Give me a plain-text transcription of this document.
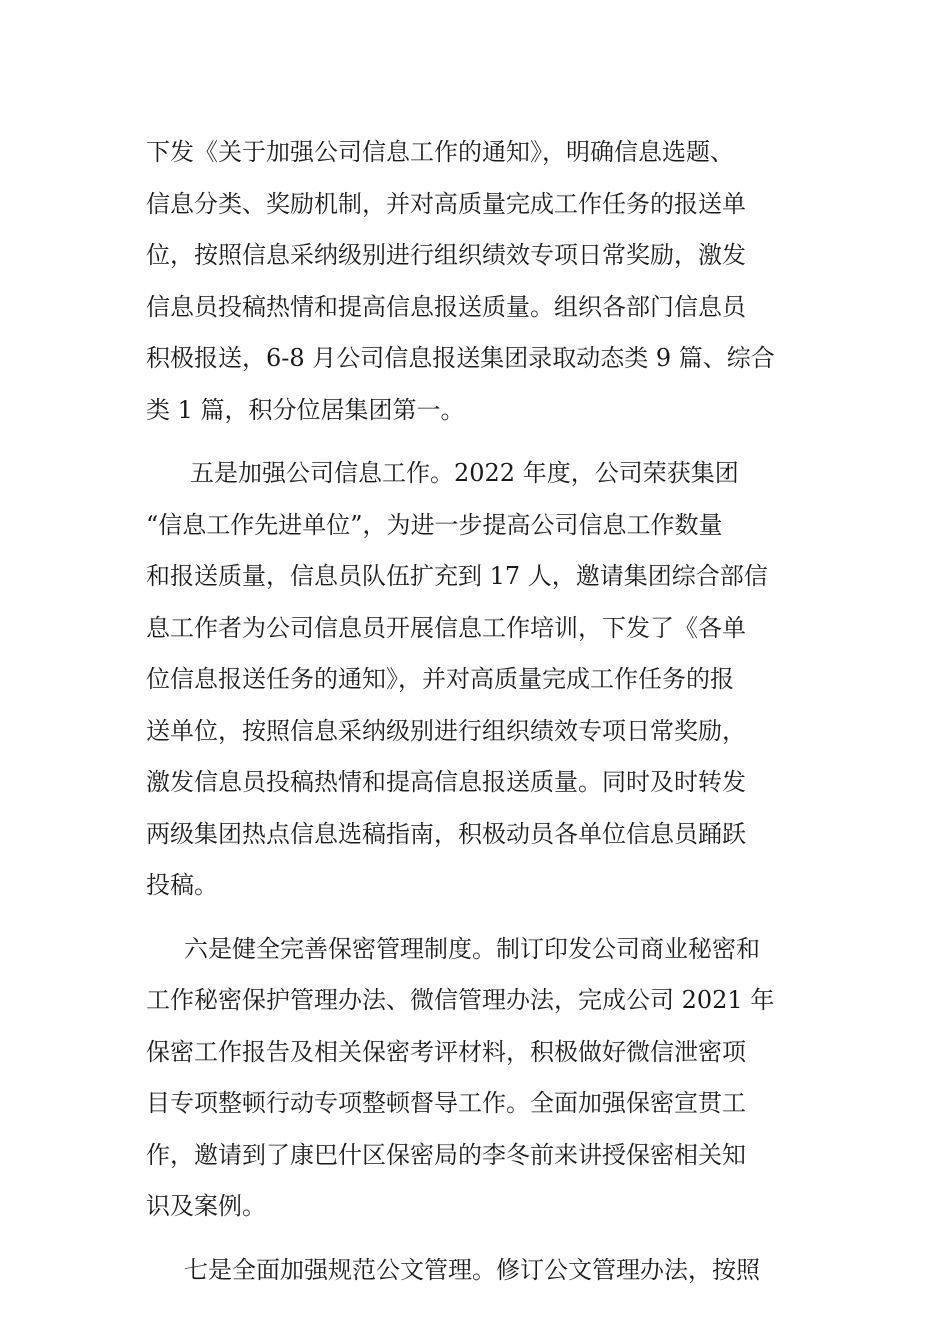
下发《关于加强公司信息工作的通知》，明确信息选题、
信息分类、奖励机制，并对高质量完成工作任务的报送单
位，按照信息采纳级别进行组织绩效专项日常奖励，激发
信息员投稿热情和提高信息报送质量。组织各部门信息员
积极报送，6-8 月公司信息报送集团录取动态类 9 篇、综合
类 1 篇，积分位居集团第一。

五是加强公司信息工作。2022 年度，公司荣获集团
“信息工作先进单位”，为进一步提高公司信息工作数量
和报送质量，信息员队伍扩充到 17 人，邀请集团综合部信
息工作者为公司信息员开展信息工作培训，下发了《各单
位信息报送任务的通知》，并对高质量完成工作任务的报
送单位，按照信息采纳级别进行组织绩效专项日常奖励，
激发信息员投稿热情和提高信息报送质量。同时及时转发
两级集团热点信息选稿指南，积极动员各单位信息员踊跃
投稿。

六是健全完善保密管理制度。制订印发公司商业秘密和
工作秘密保护管理办法、微信管理办法，完成公司 2021 年
保密工作报告及相关保密考评材料，积极做好微信泄密项
目专项整顿行动专项整顿督导工作。全面加强保密宣贯工
作，邀请到了康巴什区保密局的李冬前来讲授保密相关知
识及案例。

七是全面加强规范公文管理。修订公文管理办法，按照
